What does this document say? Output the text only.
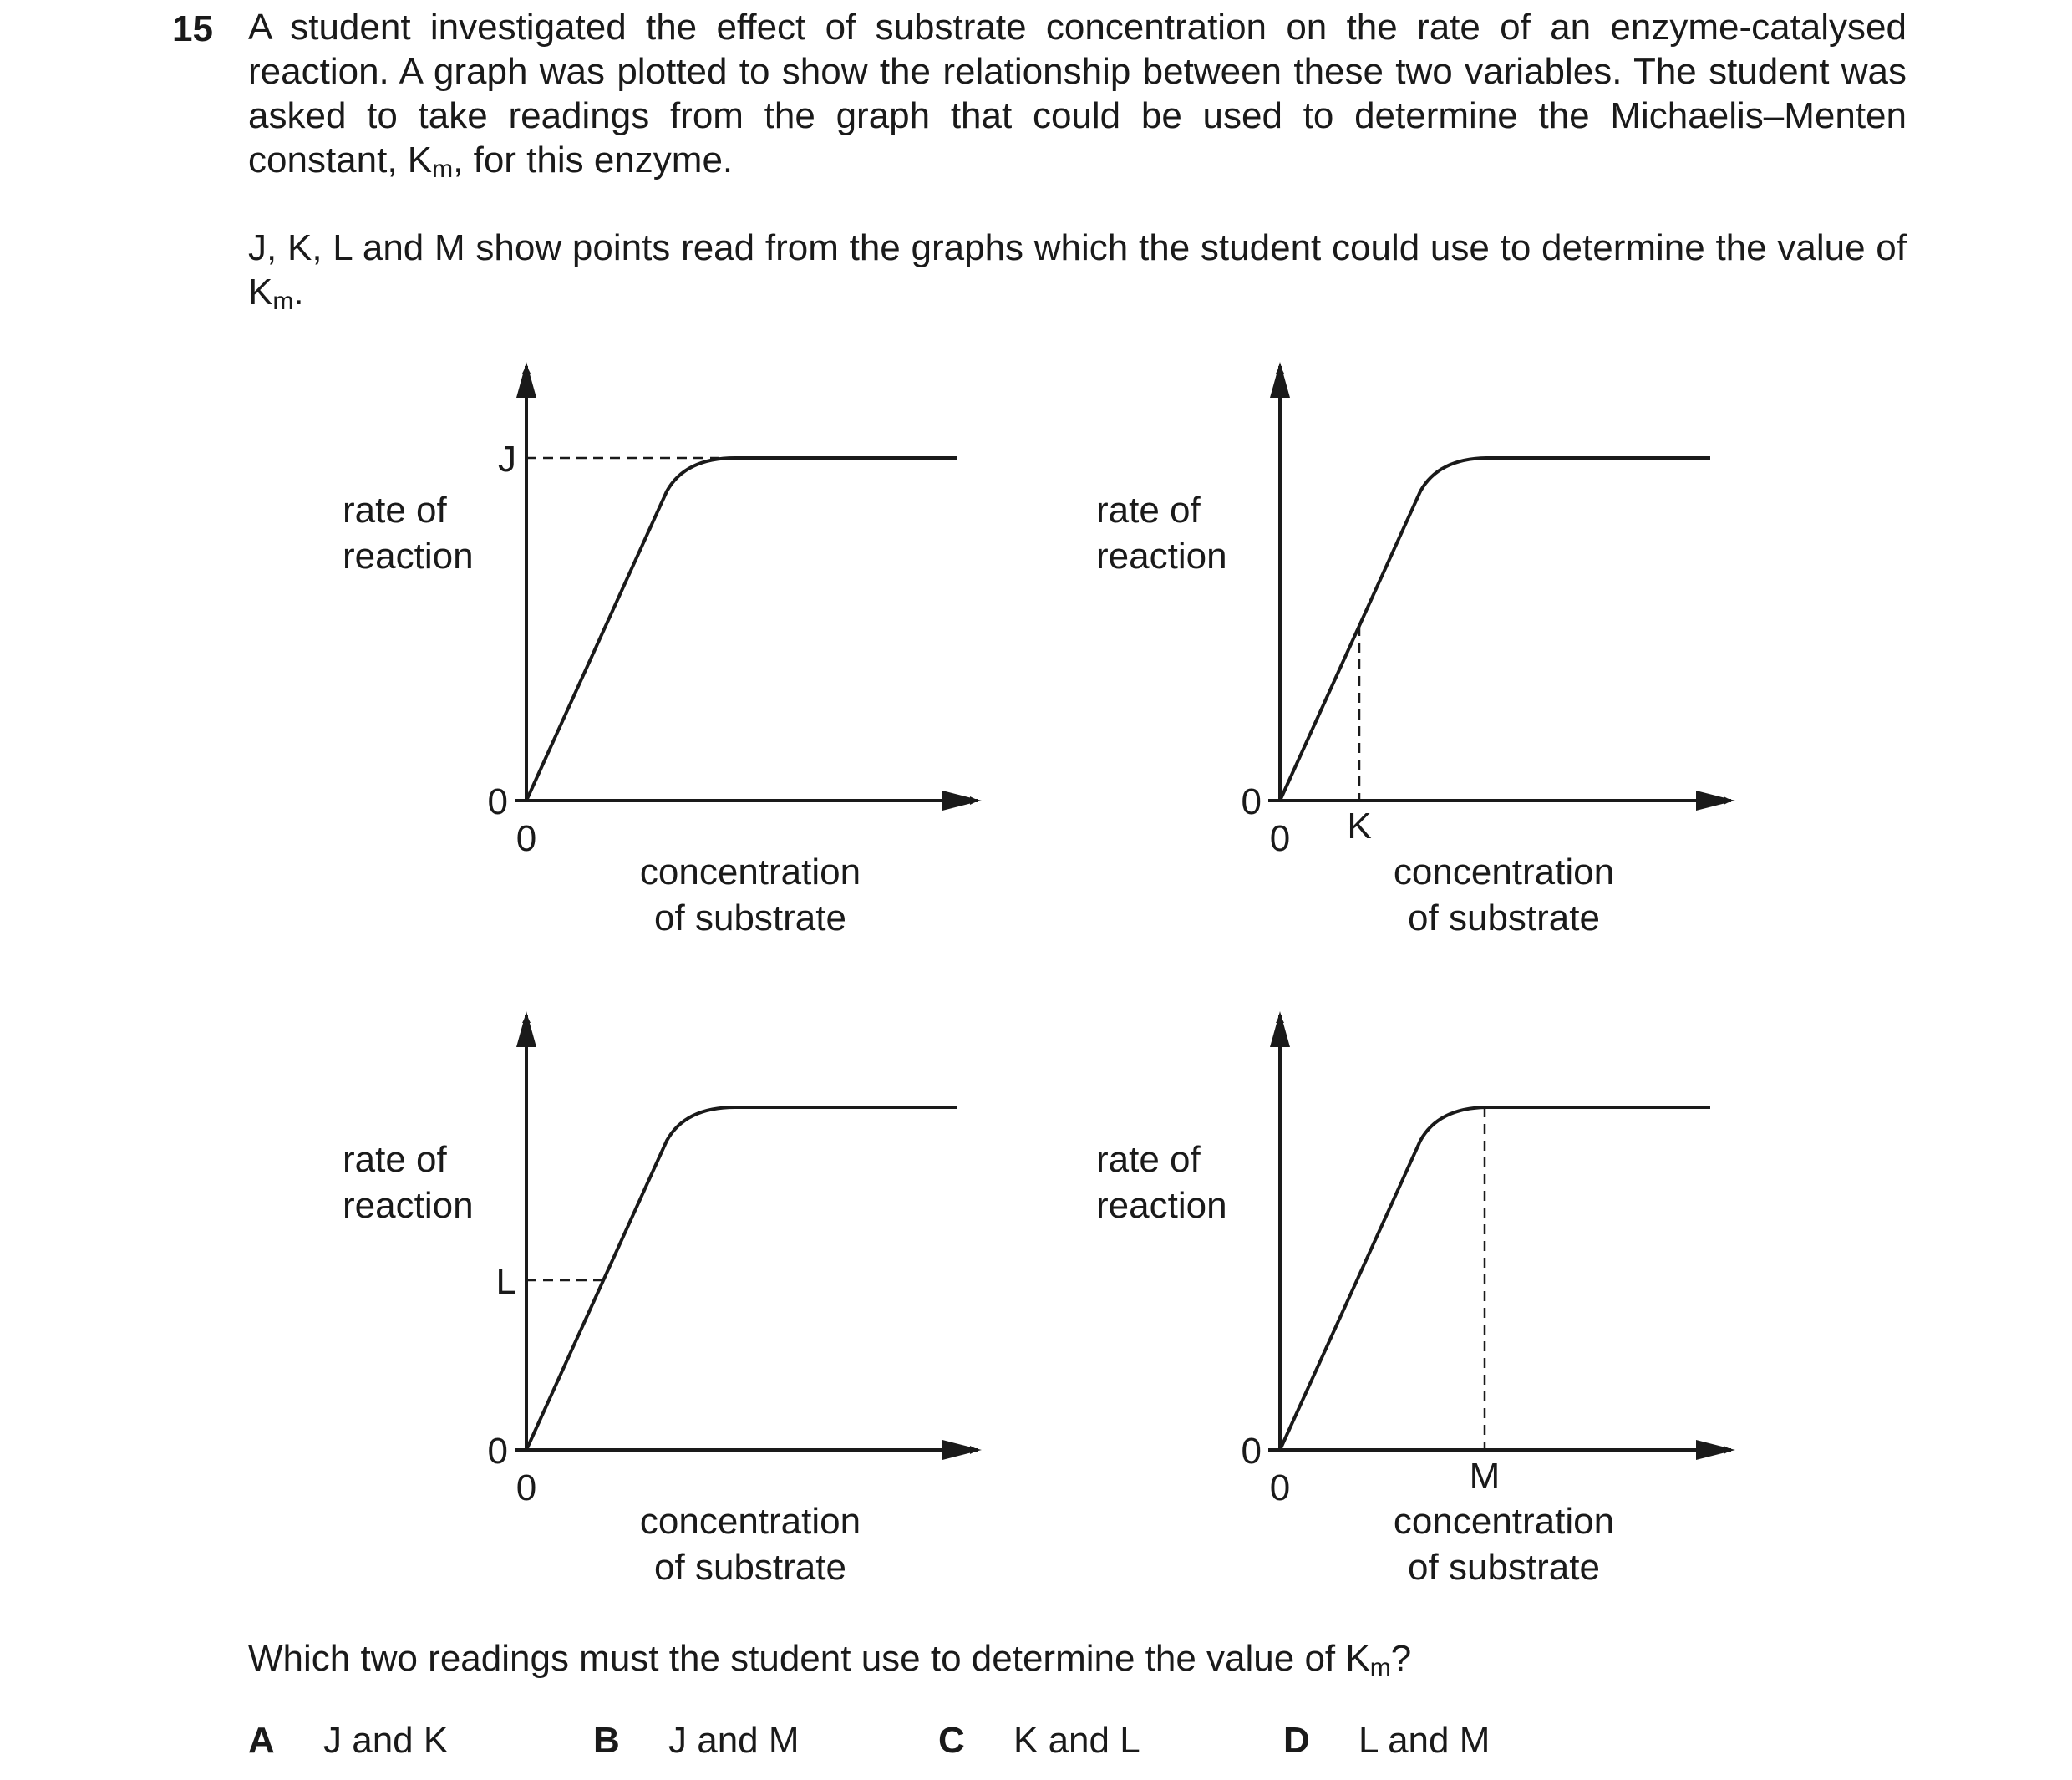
15 A student investigated the effect of substrate concentration on the rate of an enzyme-catalysed reaction. A graph was plotted to show the relationship between these two variables. The student was asked to take readings from the graph that could be used to determine the Michaelis–Menten constant, $K_m$, for this enzyme.

J, K, L and M show points read from the graphs which the student could use to determine the value of $K_m$.

0
0
rate of
reaction
concentration
of substrate
J
0
0
rate of
reaction
concentration
of substrate
K
0
0
rate of
reaction
concentration
of substrate
L
0
0
rate of
reaction
concentration
of substrate
M

Which two readings must the student use to determine the value of $K_m$?

A J and K	B J and M	C K and L	D L and M
